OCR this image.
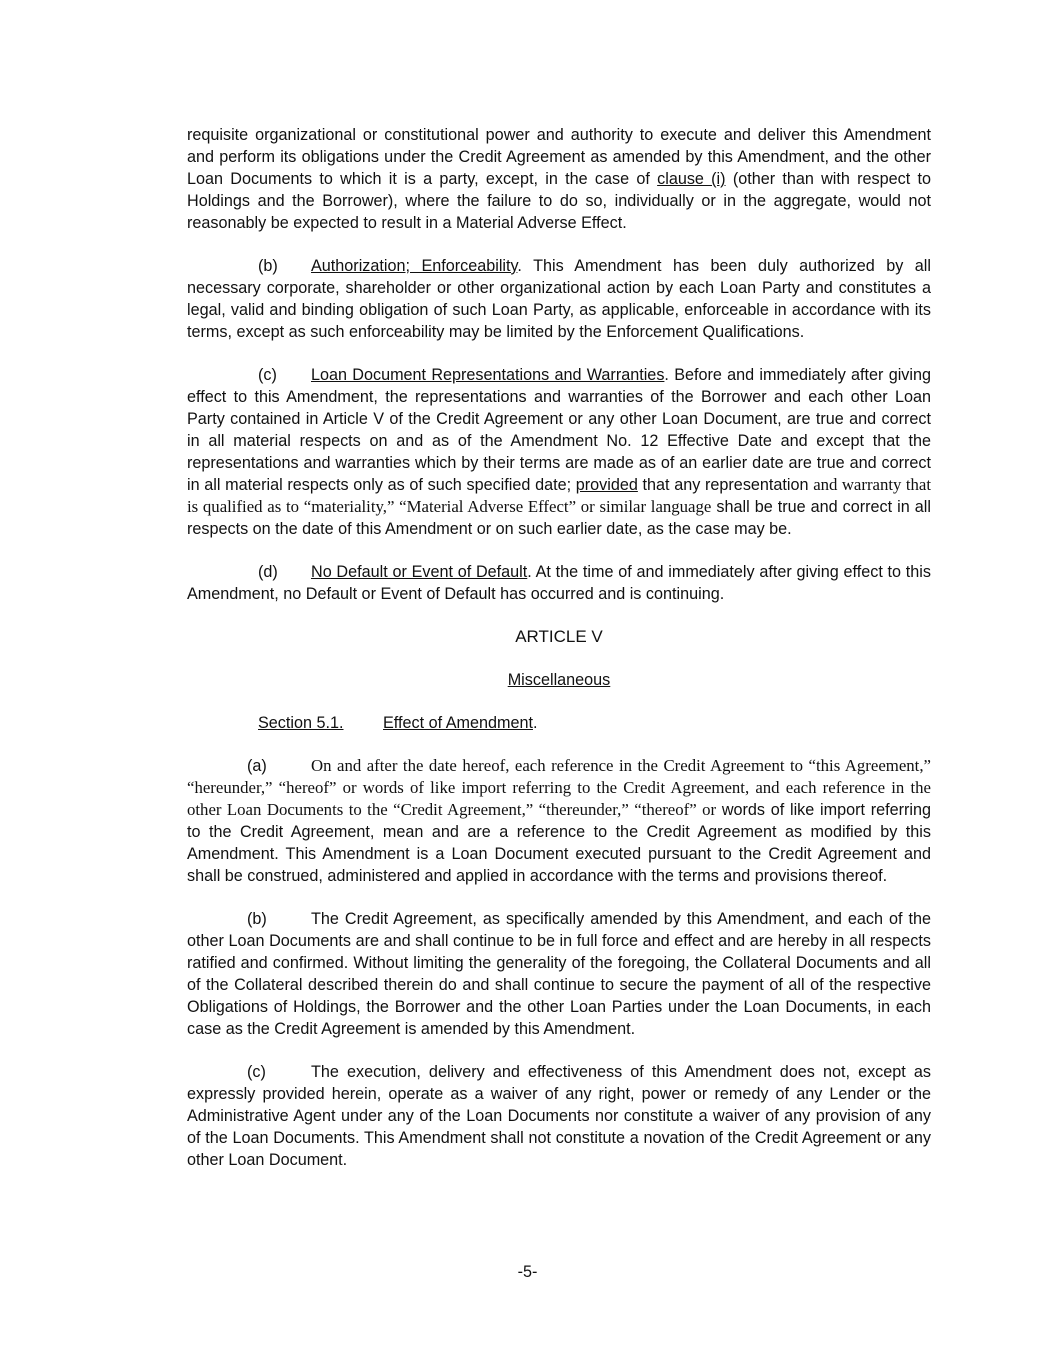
requisite organizational or constitutional power and authority to execute and deliver this Amendment and perform its obligations under the Credit Agreement as amended by this Amendment, and the other Loan Documents to which it is a party, except, in the case of clause (i) (other than with respect to Holdings and the Borrower), where the failure to do so, individually or in the aggregate, would not reasonably be expected to result in a Material Adverse Effect.

(b) Authorization; Enforceability. This Amendment has been duly authorized by all necessary corporate, shareholder or other organizational action by each Loan Party and constitutes a legal, valid and binding obligation of such Loan Party, as applicable, enforceable in accordance with its terms, except as such enforceability may be limited by the Enforcement Qualifications.

(c) Loan Document Representations and Warranties. Before and immediately after giving effect to this Amendment, the representations and warranties of the Borrower and each other Loan Party contained in Article V of the Credit Agreement or any other Loan Document, are true and correct in all material respects on and as of the Amendment No. 12 Effective Date and except that the representations and warranties which by their terms are made as of an earlier date are true and correct in all material respects only as of such specified date; provided that any representation and warranty that is qualified as to “materiality,” “Material Adverse Effect” or similar language shall be true and correct in all respects on the date of this Amendment or on such earlier date, as the case may be.

(d) No Default or Event of Default. At the time of and immediately after giving effect to this Amendment, no Default or Event of Default has occurred and is continuing.

ARTICLE V

Miscellaneous

Section 5.1. Effect of Amendment.

(a)	On and after the date hereof, each reference in the Credit Agreement to “this Agreement,” “hereunder,” “hereof” or words of like import referring to the Credit Agreement, and each reference in the other Loan Documents to the “Credit Agreement,” “thereunder,” “thereof” or words of like import referring to the Credit Agreement, mean and are a reference to the Credit Agreement as modified by this Amendment. This Amendment is a Loan Document executed pursuant to the Credit Agreement and shall be construed, administered and applied in accordance with the terms and provisions thereof.

(b)	The Credit Agreement, as specifically amended by this Amendment, and each of the other Loan Documents are and shall continue to be in full force and effect and are hereby in all respects ratified and confirmed. Without limiting the generality of the foregoing, the Collateral Documents and all of the Collateral described therein do and shall continue to secure the payment of all of the respective Obligations of Holdings, the Borrower and the other Loan Parties under the Loan Documents, in each case as the Credit Agreement is amended by this Amendment.

(c)	The execution, delivery and effectiveness of this Amendment does not, except as expressly provided herein, operate as a waiver of any right, power or remedy of any Lender or the Administrative Agent under any of the Loan Documents nor constitute a waiver of any provision of any of the Loan Documents. This Amendment shall not constitute a novation of the Credit Agreement or any other Loan Document.

-5-
